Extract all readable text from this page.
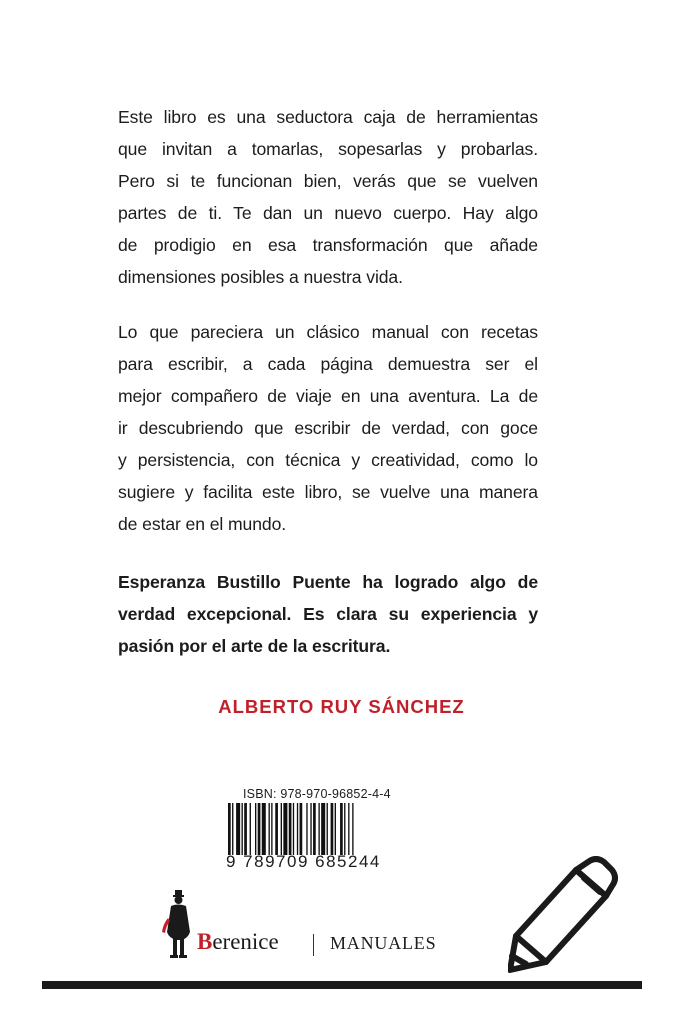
Este libro es una seductora caja de herramientas
que invitan a tomarlas, sopesarlas y probarlas.
Pero si te funcionan bien, verás que se vuelven
partes de ti. Te dan un nuevo cuerpo. Hay algo
de prodigio en esa transformación que añade
dimensiones posibles a nuestra vida.
Lo que pareciera un clásico manual con recetas
para escribir, a cada página demuestra ser el
mejor compañero de viaje en una aventura. La de
ir descubriendo que escribir de verdad, con goce
y persistencia, con técnica y creatividad, como lo
sugiere y facilita este libro, se vuelve una manera
de estar en el mundo.
Esperanza Bustillo Puente ha logrado algo de
verdad excepcional. Es clara su experiencia y
pasión por el arte de la escritura.

ALBERTO RUY SÁNCHEZ

ISBN: 978-970-96852-4-4

9 789709 685244

Berenice	MANUALES
